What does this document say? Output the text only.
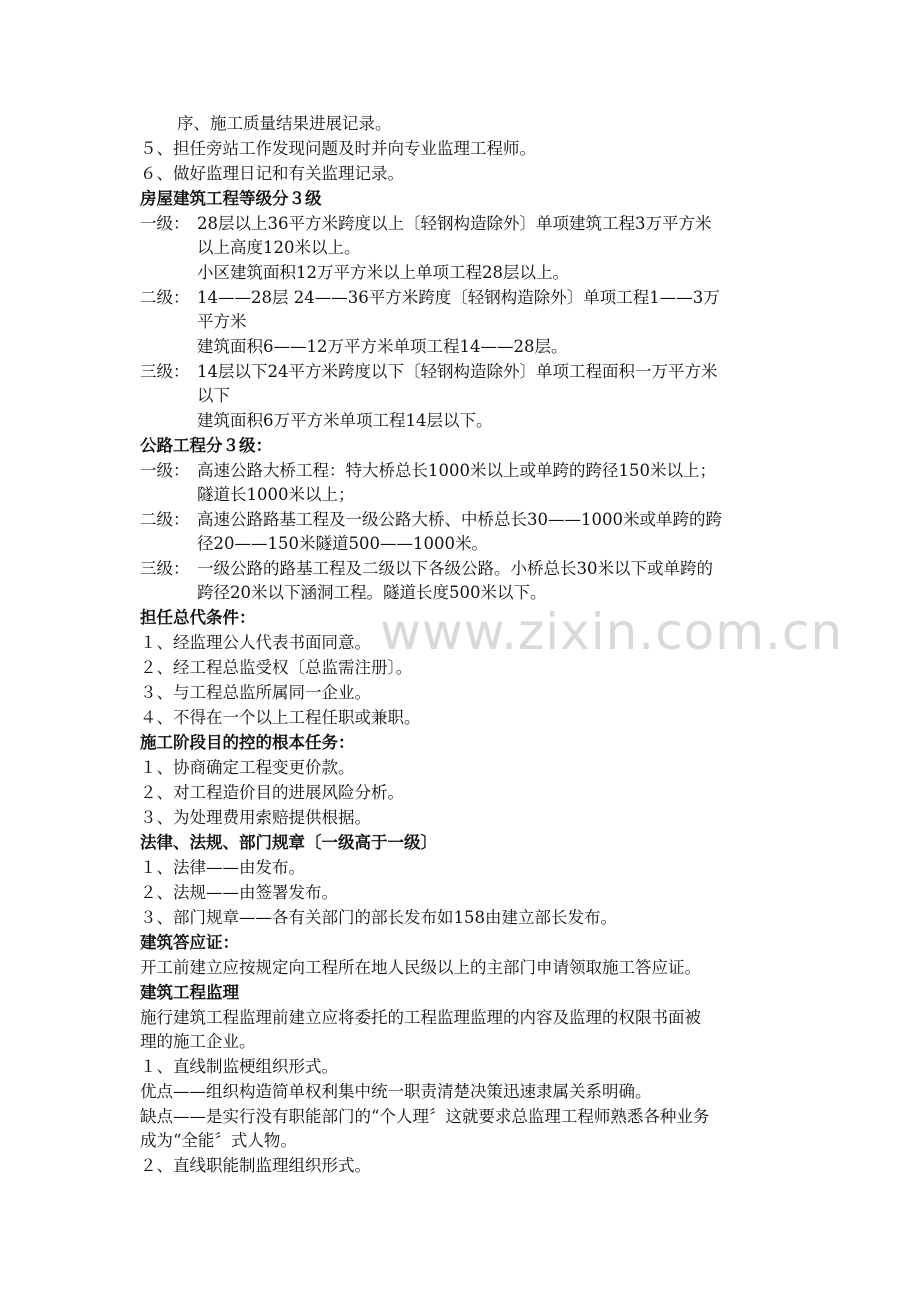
www.zixin.com.cn
序、施工质量结果进展记录。
５、担任旁站工作发现问题及时并向专业监理工程师。
６、做好监理日记和有关监理记录。
房屋建筑工程等级分３级
一级： 28层以上36平方米跨度以上〔轻钢构造除外〕单项建筑工程3万平方米
以上高度120米以上。
小区建筑面积12万平方米以上单项工程28层以上。
二级： 14——28层 24——36平方米跨度〔轻钢构造除外〕单项工程1——3万
平方米
建筑面积6——12万平方米单项工程14——28层。
三级： 14层以下24平方米跨度以下〔轻钢构造除外〕单项工程面积一万平方米
以下
建筑面积6万平方米单项工程14层以下。
公路工程分３级：
一级： 高速公路大桥工程：特大桥总长1000米以上或单跨的跨径150米以上；
隧道长1000米以上；
二级： 高速公路路基工程及一级公路大桥、中桥总长30——1000米或单跨的跨
径20——150米隧道500——1000米。
三级： 一级公路的路基工程及二级以下各级公路。小桥总长30米以下或单跨的
跨径20米以下涵洞工程。隧道长度500米以下。
担任总代条件：
１、经监理公人代表书面同意。
２、经工程总监受权〔总监需注册〕。
３、与工程总监所属同一企业。
４、不得在一个以上工程任职或兼职。
施工阶段目的控的根本任务：
１、协商确定工程变更价款。
２、对工程造价目的进展风险分析。
３、为处理费用索赔提供根据。
法律、法规、部门规章〔一级高于一级〕
１、法律——由发布。
２、法规——由签署发布。
３、部门规章——各有关部门的部长发布如158由建立部长发布。
建筑答应证：
开工前建立应按规定向工程所在地人民级以上的主部门申请领取施工答应证。
建筑工程监理
施行建筑工程监理前建立应将委托的工程监理监理的内容及监理的权限书面被
理的施工企业。
１、直线制监梗组织形式。
优点——组织构造简单权利集中统一职责清楚决策迅速隶属关系明确。
缺点——是实行没有职能部门的“个人理〞这就要求总监理工程师熟悉各种业务
成为“全能〞式人物。
２、直线职能制监理组织形式。
